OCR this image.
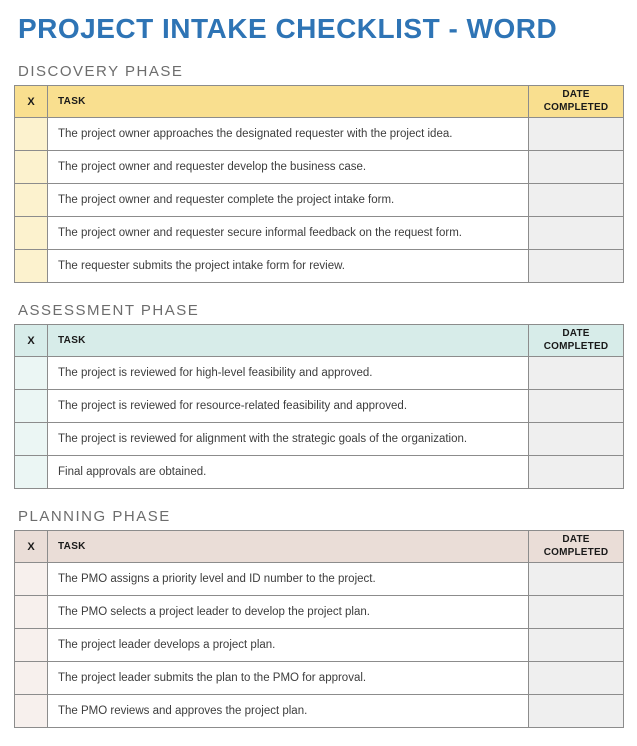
PROJECT INTAKE CHECKLIST - WORD
DISCOVERY PHASE
X	TASK	DATE COMPLETED
	The project owner approaches the designated requester with the project idea.	
	The project owner and requester develop the business case.	
	The project owner and requester complete the project intake form.	
	The project owner and requester secure informal feedback on the request form.	
	The requester submits the project intake form for review.	
ASSESSMENT PHASE
X	TASK	DATE COMPLETED
	The project is reviewed for high-level feasibility and approved.	
	The project is reviewed for resource-related feasibility and approved.	
	The project is reviewed for alignment with the strategic goals of the organization.	
	Final approvals are obtained.	
PLANNING PHASE
X	TASK	DATE COMPLETED
	The PMO assigns a priority level and ID number to the project.	
	The PMO selects a project leader to develop the project plan.	
	The project leader develops a project plan.	
	The project leader submits the plan to the PMO for approval.	
	The PMO reviews and approves the project plan.	
